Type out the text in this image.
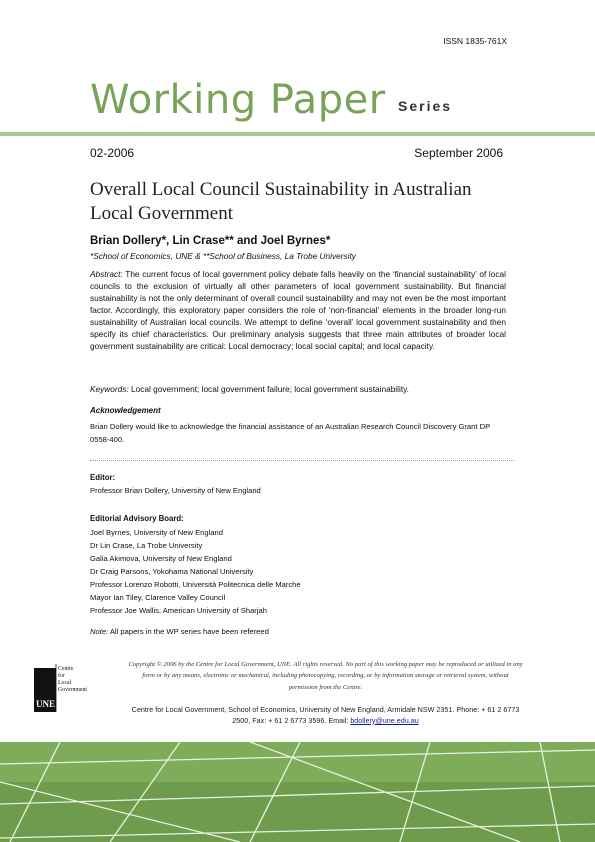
ISSN 1835-761X
Working Paper Series
02-2006	September 2006
Overall Local Council Sustainability in Australian Local Government
Brian Dollery*, Lin Crase** and Joel Byrnes*
*School of Economics, UNE & **School of Business, La Trobe University
Abstract: The current focus of local government policy debate falls heavily on the ‘financial sustainability’ of local councils to the exclusion of virtually all other parameters of local government sustainability. But financial sustainability is not the only determinant of overall council sustainability and may not even be the most important factor. Accordingly, this exploratory paper considers the role of ‘non-financial’ elements in the broader long-run sustainability of Australian local councils. We attempt to define ‘overall’ local government sustainability and then specify its chief characteristics. Our preliminary analysis suggests that three main attributes of broader local government sustainability are critical: Local democracy; local social capital; and local capacity.
Keywords: Local government; local government failure; local government sustainability.
Acknowledgement
Brian Dollery would like to acknowledge the financial assistance of an Australian Research Council Discovery Grant DP 0558-400.
Editor:
Professor Brian Dollery, University of New England
Editorial Advisory Board:
Joel Byrnes, University of New England
Dr Lin Crase, La Trobe University
Galia Akimova, University of New England
Dr Craig Parsons, Yokohama National University
Professor Lorenzo Robotti, Università Politecnica delle Marche
Mayor Ian Tiley, Clarence Valley Council
Professor Joe Wallis, American University of Sharjah
Note: All papers in the WP series have been refereed
Centre
for
Local
Government
UNE
Copyright © 2006 by the Centre for Local Government, UNE. All rights reserved. No part of this working paper may be reproduced or utilized in any form or by any means, electronic or mechanical, including photocopying, recording, or by information storage or retrieval system, without permission from the Centre.
Centre for Local Government, School of Economics, University of New England, Armidale NSW 2351. Phone: + 61 2 6773 2500, Fax: + 61 2 6773 3596. Email: bdollery@une.edu.au
